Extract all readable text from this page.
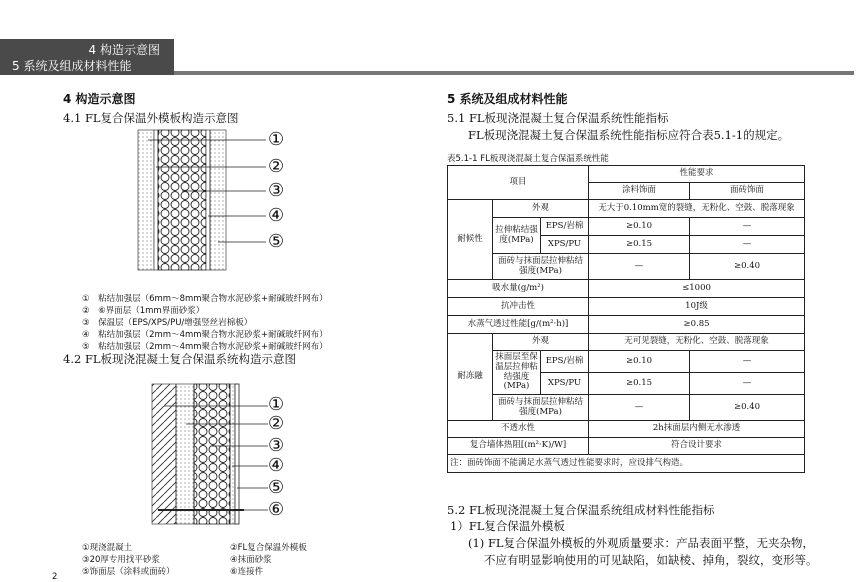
4 构造示意图
5 系统及组成材料性能
4 构造示意图
4.1 FL复合保温外模板构造示意图
①
②
③
④
⑤
①　粘结加强层（6mm～8mm聚合物水泥砂浆+耐碱玻纤网布）
②　⑥界面层（1mm界面砂浆）
③　保温层（EPS/XPS/PU/增强竖丝岩棉板）
④　粘结加强层（2mm～4mm聚合物水泥砂浆+耐碱玻纤网布）
⑤　粘结加强层（2mm～4mm聚合物水泥砂浆+耐碱玻纤网布）
4.2 FL板现浇混凝土复合保温系统构造示意图
①
②
③
④
⑤
⑥
①现浇混凝土	②FL复合保温外模板
③20厚专用找平砂浆	④抹面砂浆
⑤饰面层（涂料或面砖）	⑥连接件
2
5 系统及组成材料性能
5.1 FL板现浇混凝土复合保温系统性能指标
FL板现浇混凝土复合保温系统性能指标应符合表5.1-1的规定。
表5.1-1 FL板现浇混凝土复合保温系统性能
项目			性能要求	
			涂料饰面	面砖饰面
耐候性	外观		无大于0.10mm宽的裂缝，无粉化、空鼓、脱落现象	
	拉伸粘结强度(MPa)	EPS/岩棉	≥0.10	—
		XPS/PU	≥0.15	—
	面砖与抹面层拉伸粘结强度(MPa)		—	≥0.40
吸水量(g/m²)			≤1000	
抗冲击性			10J级	
水蒸气透过性能[g/(m²·h)]			≥0.85	
耐冻融	外观		无可见裂缝，无粉化、空鼓、脱落现象	
	抹面层至保温层拉伸粘结强度(MPa)	EPS/岩棉	≥0.10	—
		XPS/PU	≥0.15	—
	面砖与抹面层拉伸粘结强度(MPa)		—	≥0.40
不透水性			2h抹面层内侧无水渗透	
复合墙体热阻[(m²·K)/W]			符合设计要求	
注：面砖饰面不能满足水蒸气透过性能要求时，应设排气构造。				
5.2 FL板现浇混凝土复合保温系统组成材料性能指标
1）FL复合保温外模板
(1) FL复合保温外模板的外观质量要求：产品表面平整，无夹杂物，
不应有明显影响使用的可见缺陷，如缺棱、掉角，裂纹，变形等。
